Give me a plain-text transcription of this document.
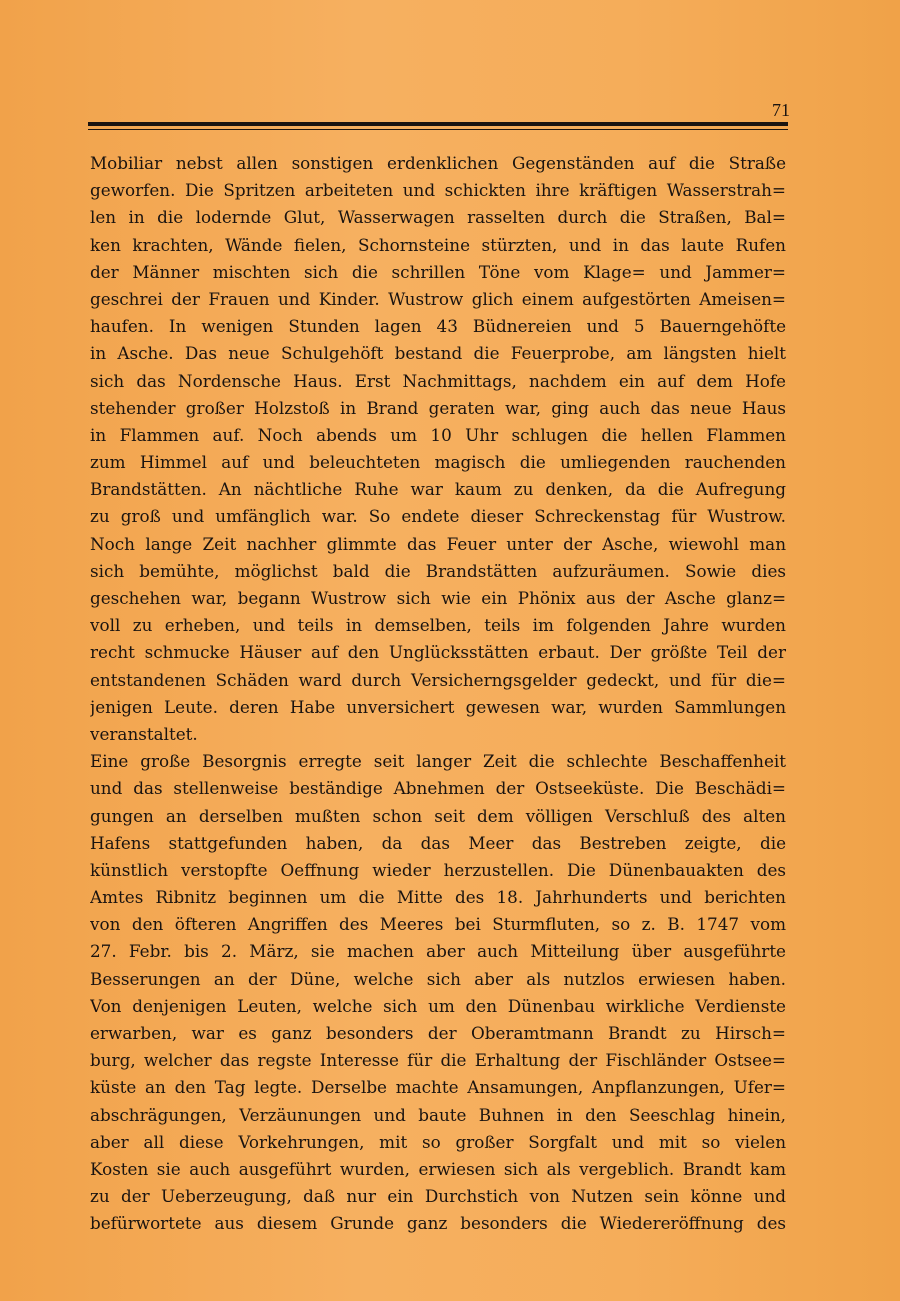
71
Mobiliar nebst allen sonstigen erdenklichen Gegenständen auf die Straße
geworfen. Die Spritzen arbeiteten und schickten ihre kräftigen Wasserstrah=
len in die lodernde Glut, Wasserwagen rasselten durch die Straßen, Bal=
ken krachten, Wände fielen, Schornsteine stürzten, und in das laute Rufen
der Männer mischten sich die schrillen Töne vom Klage= und Jammer=
geschrei der Frauen und Kinder. Wustrow glich einem aufgestörten Ameisen=
haufen. In wenigen Stunden lagen 43 Büdnereien und 5 Bauerngehöfte
in Asche. Das neue Schulgehöft bestand die Feuerprobe, am längsten hielt
sich das Nordensche Haus. Erst Nachmittags, nachdem ein auf dem Hofe
stehender großer Holzstoß in Brand geraten war, ging auch das neue Haus
in Flammen auf. Noch abends um 10 Uhr schlugen die hellen Flammen
zum Himmel auf und beleuchteten magisch die umliegenden rauchenden
Brandstätten. An nächtliche Ruhe war kaum zu denken, da die Aufregung
zu groß und umfänglich war. So endete dieser Schreckenstag für Wustrow.
Noch lange Zeit nachher glimmte das Feuer unter der Asche, wiewohl man
sich bemühte, möglichst bald die Brandstätten aufzuräumen. Sowie dies
geschehen war, begann Wustrow sich wie ein Phönix aus der Asche glanz=
voll zu erheben, und teils in demselben, teils im folgenden Jahre wurden
recht schmucke Häuser auf den Unglücksstätten erbaut. Der größte Teil der
entstandenen Schäden ward durch Versicherngsgelder gedeckt, und für die=
jenigen Leute. deren Habe unversichert gewesen war, wurden Sammlungen
veranstaltet.
Eine große Besorgnis erregte seit langer Zeit die schlechte Beschaffenheit
und das stellenweise beständige Abnehmen der Ostseeküste. Die Beschädi=
gungen an derselben mußten schon seit dem völligen Verschluß des alten
Hafens stattgefunden haben, da das Meer das Bestreben zeigte, die
künstlich verstopfte Oeffnung wieder herzustellen. Die Dünenbauakten des
Amtes Ribnitz beginnen um die Mitte des 18. Jahrhunderts und berichten
von den öfteren Angriffen des Meeres bei Sturmfluten, so z. B. 1747 vom
27. Febr. bis 2. März, sie machen aber auch Mitteilung über ausgeführte
Besserungen an der Düne, welche sich aber als nutzlos erwiesen haben.
Von denjenigen Leuten, welche sich um den Dünenbau wirkliche Verdienste
erwarben, war es ganz besonders der Oberamtmann Brandt zu Hirsch=
burg, welcher das regste Interesse für die Erhaltung der Fischländer Ostsee=
küste an den Tag legte. Derselbe machte Ansamungen, Anpflanzungen, Ufer=
abschrägungen, Verzäunungen und baute Buhnen in den Seeschlag hinein,
aber all diese Vorkehrungen, mit so großer Sorgfalt und mit so vielen
Kosten sie auch ausgeführt wurden, erwiesen sich als vergeblich. Brandt kam
zu der Ueberzeugung, daß nur ein Durchstich von Nutzen sein könne und
befürwortete aus diesem Grunde ganz besonders die Wiedereröffnung des
